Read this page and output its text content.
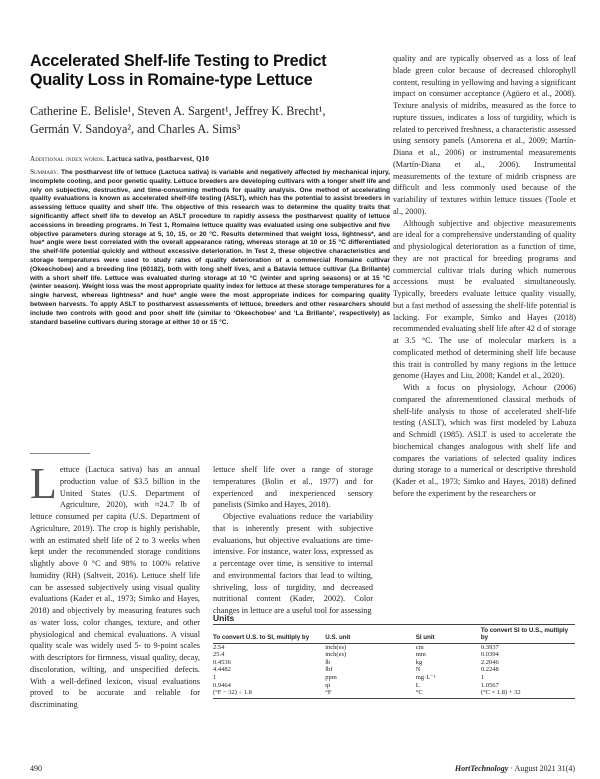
Accelerated Shelf-life Testing to Predict Quality Loss in Romaine-type Lettuce
Catherine E. Belisle¹, Steven A. Sargent¹, Jeffrey K. Brecht¹,
Germán V. Sandoya², and Charles A. Sims³
Additional index words. Lactuca sativa, postharvest, Q10
Summary. The postharvest life of lettuce (Lactuca sativa) is variable and negatively affected by mechanical injury, incomplete cooling, and poor genetic quality. Lettuce breeders are developing cultivars with a longer shelf life and rely on subjective, destructive, and time-consuming methods for quality analysis. One method of accelerating quality evaluations is known as accelerated shelf-life testing (ASLT), which has the potential to assist breeders in assessing lettuce quality and shelf life. The objective of this research was to determine the quality traits that significantly affect shelf life to develop an ASLT procedure to rapidly assess the postharvest quality of lettuce accessions in breeding programs. In Test 1, Romaine lettuce quality was evaluated using one subjective and five objective parameters during storage at 5, 10, 15, or 20 °C. Results determined that weight loss, lightness*, and hue* angle were best correlated with the overall appearance rating, whereas storage at 10 or 15 °C differentiated the shelf-life potential quickly and without excessive deterioration. In Test 2, these objective characteristics and storage temperatures were used to study rates of quality deterioration of a commercial Romaine cultivar (Okeechobee) and a breeding line (60182), both with long shelf lives, and a Batavia lettuce cultivar (La Brillante) with a short shelf life. Lettuce was evaluated during storage at 10 °C (winter and spring seasons) or at 15 °C (winter season). Weight loss was the most appropriate quality index for lettuce at these storage temperatures for a single harvest, whereas lightness* and hue* angle were the most appropriate indices for comparing quality between harvests. To apply ASLT to postharvest assessments of lettuce, breeders and other researchers should include two controls with good and poor shelf life (similar to ‘Okeechobee’ and ‘La Brillante’, respectively) as standard baseline cultivars during storage at either 10 or 15 °C.

Lettuce (Lactuca sativa) has an annual production value of $3.5 billion in the United States (U.S. Department of Agriculture, 2020), with ≈24.7 lb of lettuce consumed per capita (U.S. Department of Agriculture, 2019). The crop is highly perishable, with an estimated shelf life of 2 to 3 weeks when kept under the recommended storage conditions slightly above 0 °C and 98% to 100% relative humidity (RH) (Saltveit, 2016). Lettuce shelf life can be assessed subjectively using visual quality evaluations (Kader et al., 1973; Simko and Hayes, 2018) and objectively by measuring features such as water loss, color changes, texture, and other physiological and chemical evaluations. A visual quality scale was widely used 5- to 9-point scales with descriptors for firmness, visual quality, decay, discoloration, wilting, and unspecified defects. With a well-defined lexicon, visual evaluations proved to be accurate and reliable for discriminating

lettuce shelf life over a range of storage temperatures (Bolin et al., 1977) and for experienced and inexperienced sensory panelists (Simko and Hayes, 2018).

Objective evaluations reduce the variability that is inherently present with subjective evaluations, but objective evaluations are time-intensive. For instance, water loss, expressed as a percentage over time, is sensitive to internal and environmental factors that lead to wilting, shriveling, loss of turgidity, and decreased nutritional content (Kader, 2002). Color changes in lettuce are a useful tool for assessing

quality and are typically observed as a loss of leaf blade green color because of decreased chlorophyll content, resulting in yellowing and having a significant impact on consumer acceptance (Agüero et al., 2008). Texture analysis of midribs, measured as the force to rupture tissues, indicates a loss of turgidity, which is related to perceived freshness, a characteristic assessed using sensory panels (Ansorena et al., 2009; Martín-Diana et al., 2006) or instrumental measurements (Martín-Diana et al., 2006). Instrumental measurements of the texture of midrib crispness are difficult and less commonly used because of the variability of textures within lettuce tissues (Toole et al., 2000).

Although subjective and objective measurements are ideal for a comprehensive understanding of quality and physiological deterioration as a function of time, they are not practical for breeding programs and commercial cultivar trials during which numerous accessions must be evaluated simultaneously. Typically, breeders evaluate lettuce quality visually, but a fast method of assessing the shelf-life potential is lacking. For example, Simko and Hayes (2018) recommended evaluating shelf life after 42 d of storage at 3.5 °C. The use of molecular markers is a complicated method of determining shelf life because this trait is controlled by many regions in the lettuce genome (Hayes and Liu, 2008; Kandel et al., 2020).

With a focus on physiology, Achour (2006) compared the aforementioned classical methods of shelf-life analysis to those of accelerated shelf-life testing (ASLT), which was first modeled by Labuza and Schmidl (1985). ASLT is used to accelerate the biochemical changes analogous with shelf life and compares the variations of selected quality indices during storage to a numerical or descriptive threshold (Kader et al., 1973; Simko and Hayes, 2018) defined before the experiment by the researchers or

Units
To convert U.S. to SI, multiply by	U.S. unit	SI unit	To convert SI to U.S., multiply by
2.54	inch(es)	cm	0.3937
25.4	inch(es)	mm	0.0394
0.4536	lb	kg	2.2046
4.4482	lbf	N	0.2248
1	ppm	mg·L⁻¹	1
0.9464	qt	L	1.0567
(°F − 32) ÷ 1.8	°F	°C	(°C × 1.8) + 32
490	HortTechnology · August 2021 31(4)
